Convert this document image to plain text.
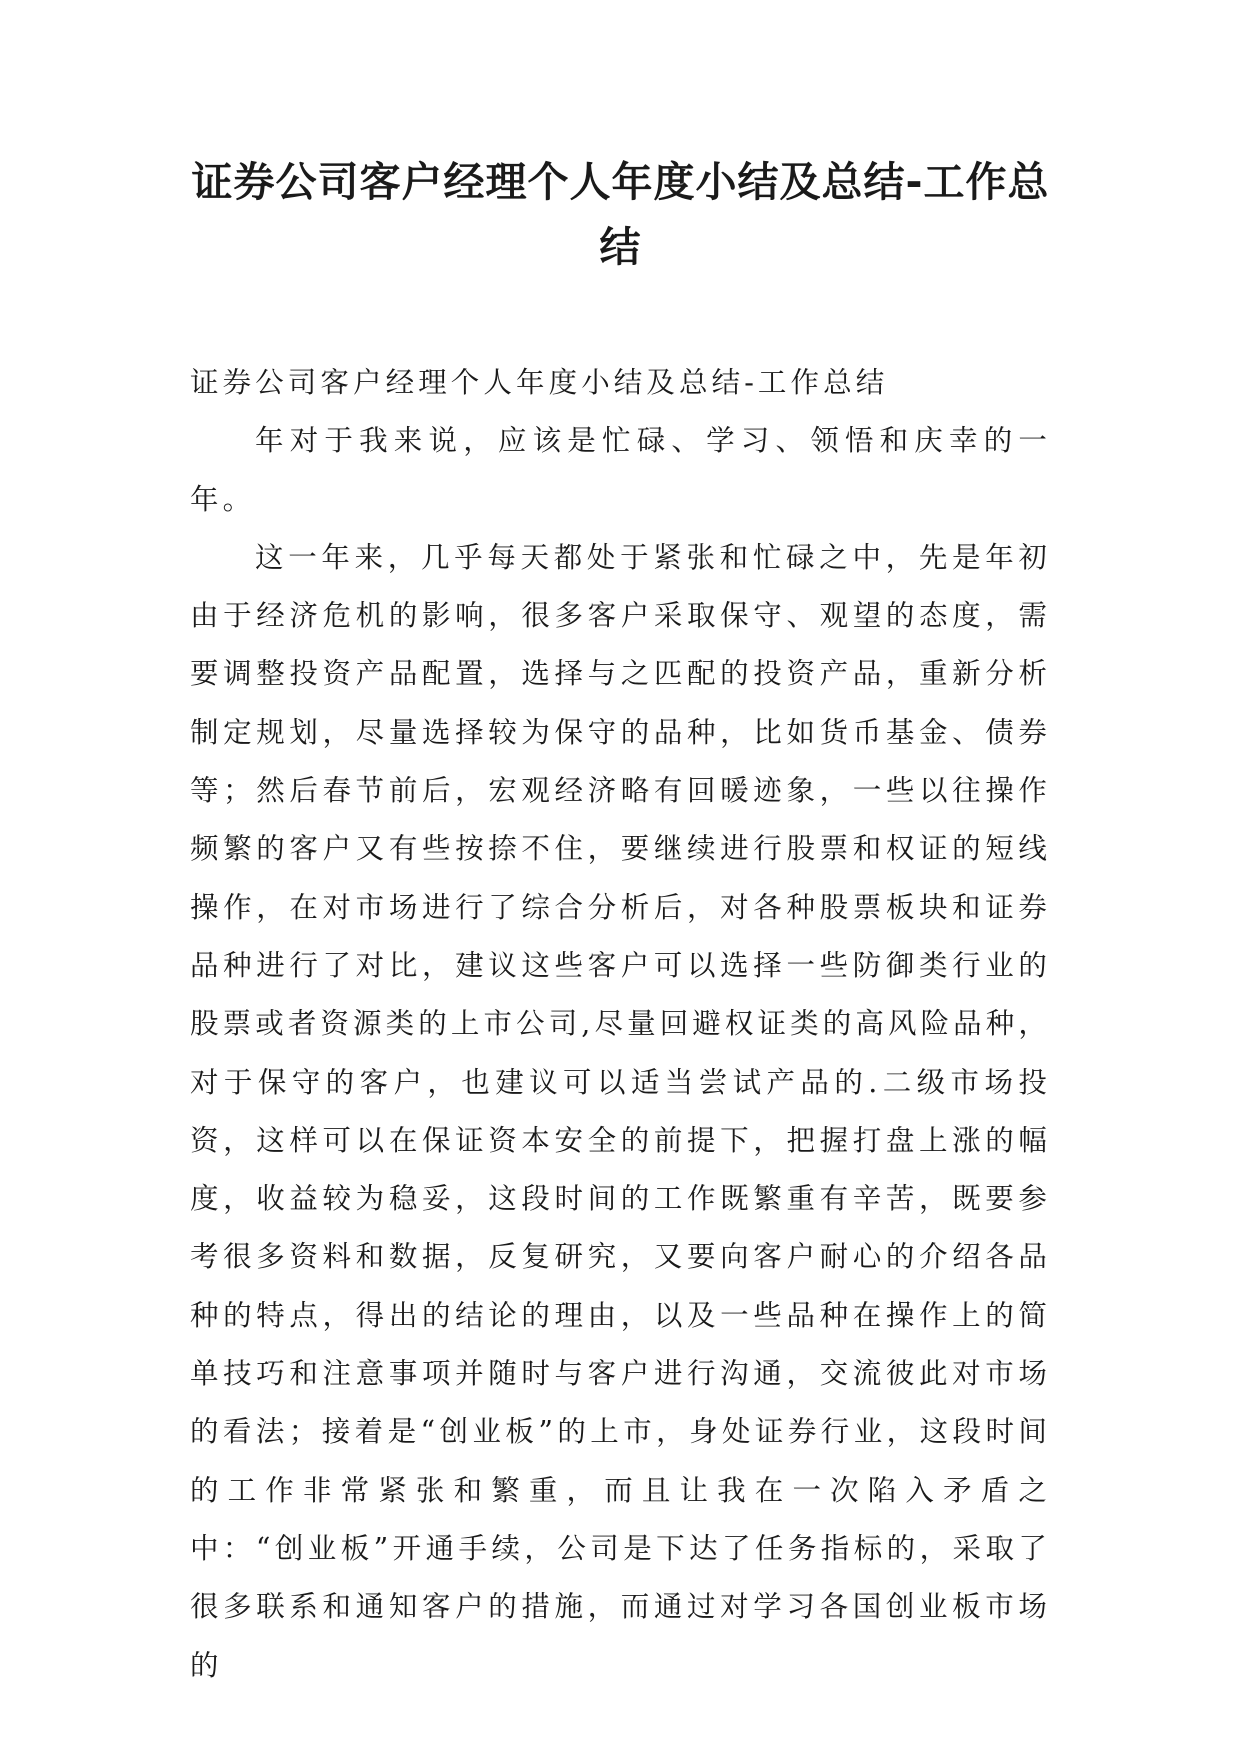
证券公司客户经理个人年度小结及总结-工作总结

证券公司客户经理个人年度小结及总结-工作总结

年对于我来说，应该是忙碌、学习、领悟和庆幸的一年。

这一年来，几乎每天都处于紧张和忙碌之中，先是年初由于经济危机的影响，很多客户采取保守、观望的态度，需要调整投资产品配置，选择与之匹配的投资产品，重新分析制定规划，尽量选择较为保守的品种，比如货币基金、债券等；然后春节前后，宏观经济略有回暖迹象，一些以往操作频繁的客户又有些按捺不住，要继续进行股票和权证的短线操作，在对市场进行了综合分析后，对各种股票板块和证券品种进行了对比，建议这些客户可以选择一些防御类行业的股票或者资源类的上市公司,尽量回避权证类的高风险品种，对于保守的客户，也建议可以适当尝试产品的.二级市场投资，这样可以在保证资本安全的前提下，把握打盘上涨的幅度，收益较为稳妥，这段时间的工作既繁重有辛苦，既要参考很多资料和数据，反复研究，又要向客户耐心的介绍各品种的特点，得出的结论的理由，以及一些品种在操作上的简单技巧和注意事项并随时与客户进行沟通，交流彼此对市场的看法；接着是“创业板”的上市，身处证券行业，这段时间的工作非常紧张和繁重，而且让我在一次陷入矛盾之中：“创业板”开通手续，公司是下达了任务指标的，采取了很多联系和通知客户的措施，而通过对学习各国创业板市场的
